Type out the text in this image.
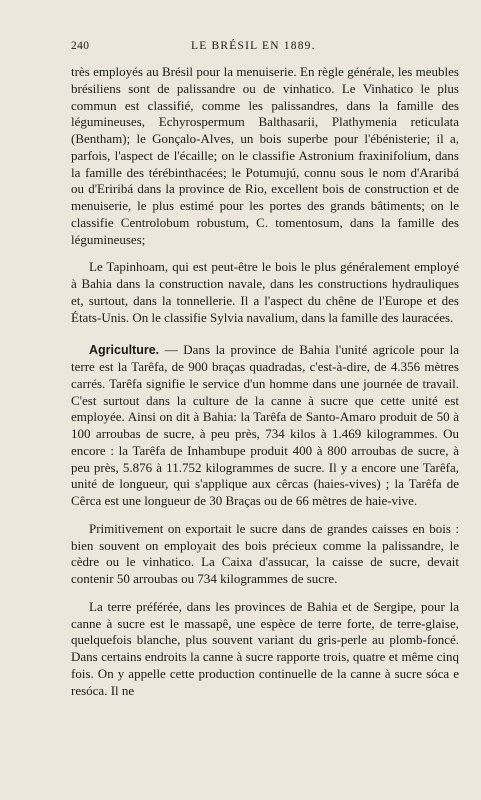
240	LE BRÉSIL EN 1889.

très employés au Brésil pour la menuiserie. En règle générale, les meubles brésiliens sont de palissandre ou de vinhatico. Le Vinhatico le plus commun est classifié, comme les palissandres, dans la famille des légumineuses, Echyrospermum Balthasarii, Plathymenia reticulata (Bentham); le Gonçalo-Alves, un bois superbe pour l'ébénisterie; il a, parfois, l'aspect de l'écaille; on le classifie Astronium fraxinifolium, dans la famille des térébinthacées; le Potumujú, connu sous le nom d'Araribá ou d'Eriribá dans la province de Rio, excellent bois de construction et de menuiserie, le plus estimé pour les portes des grands bâtiments; on le classifie Centrolobum robustum, C. tomentosum, dans la famille des légumineuses;

Le Tapinhoam, qui est peut-être le bois le plus généralement employé à Bahia dans la construction navale, dans les constructions hydrauliques et, surtout, dans la tonnellerie. Il a l'aspect du chêne de l'Europe et des États-Unis. On le classifie Sylvia navalium, dans la famille des lauracées.

Agriculture. — Dans la province de Bahia l'unité agricole pour la terre est la Tarêfa, de 900 braças quadradas, c'est-à-dire, de 4.356 mètres carrés. Tarêfa signifie le service d'un homme dans une journée de travail. C'est surtout dans la culture de la canne à sucre que cette unité est employée. Ainsi on dit à Bahia: la Tarêfa de Santo-Amaro produit de 50 à 100 arroubas de sucre, à peu près, 734 kilos à 1.469 kilogrammes. Ou encore : la Tarêfa de Inhambupe produit 400 à 800 arroubas de sucre, à peu près, 5.876 à 11.752 kilogrammes de sucre. Il y a encore une Tarêfa, unité de longueur, qui s'applique aux cêrcas (haies-vives) ; la Tarêfa de Cêrca est une longueur de 30 Braças ou de 66 mètres de haie-vive.

Primitivement on exportait le sucre dans de grandes caisses en bois : bien souvent on employait des bois précieux comme la palissandre, le cèdre ou le vinhatico. La Caixa d'assucar, la caisse de sucre, devait contenir 50 arroubas ou 734 kilogrammes de sucre.

La terre préférée, dans les provinces de Bahia et de Sergipe, pour la canne à sucre est le massapê, une espèce de terre forte, de terre-glaise, quelquefois blanche, plus souvent variant du gris-perle au plomb-foncé. Dans certains endroits la canne à sucre rapporte trois, quatre et même cinq fois. On y appelle cette production continuelle de la canne à sucre sóca e resóca. Il ne
